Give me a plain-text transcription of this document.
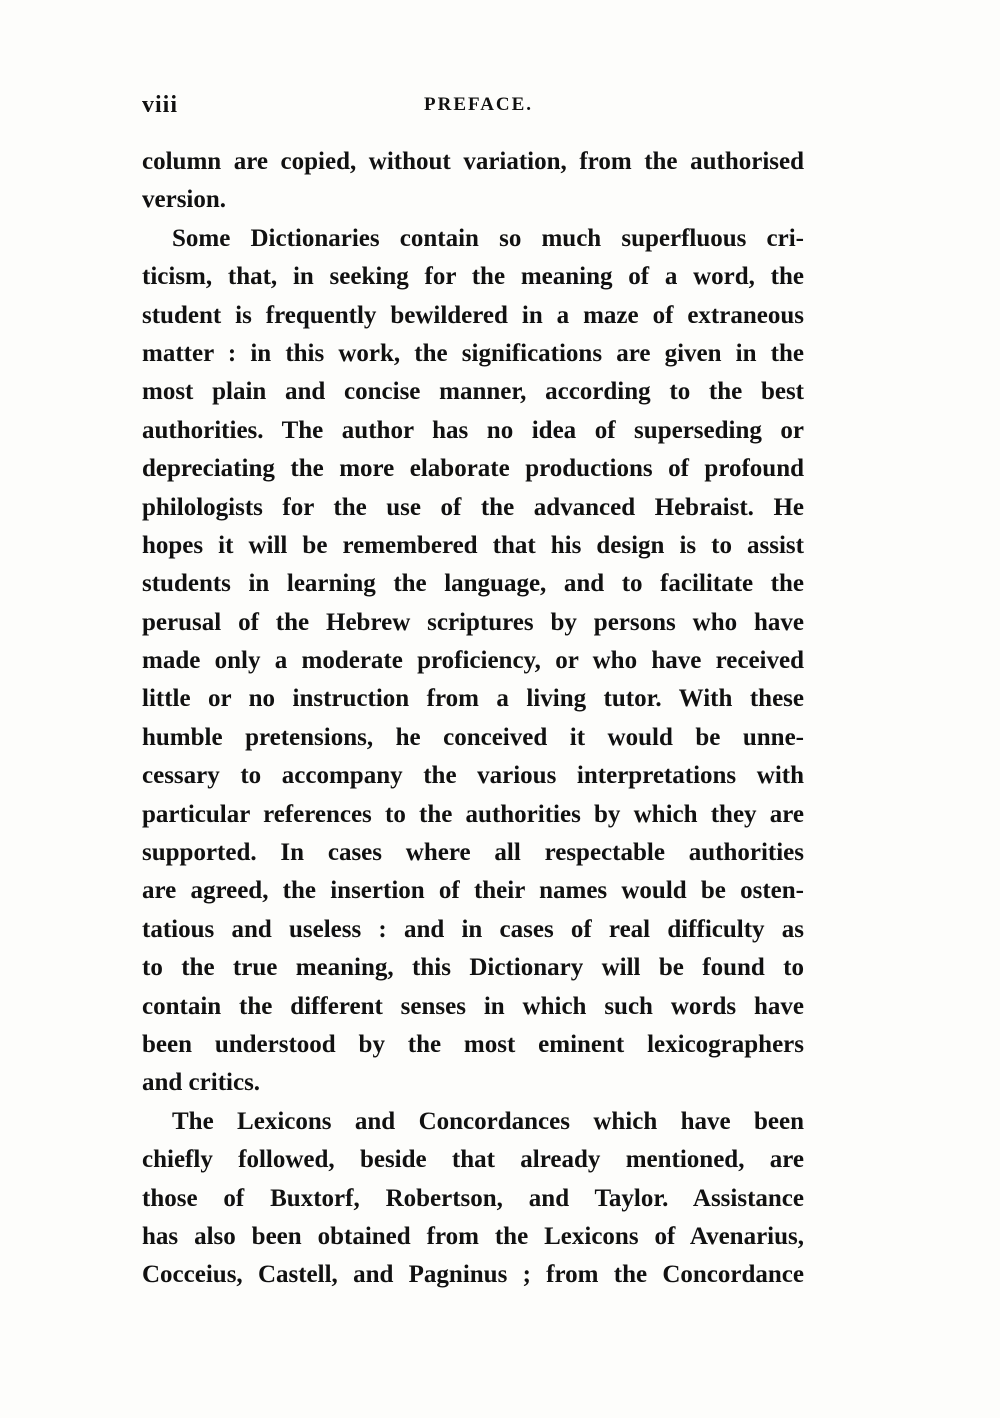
viii	PREFACE.
column are copied, without variation, from the authorised
version.
Some Dictionaries contain so much superfluous cri-
ticism, that, in seeking for the meaning of a word, the
student is frequently bewildered in a maze of extraneous
matter : in this work, the significations are given in the
most plain and concise manner, according to the best
authorities. The author has no idea of superseding or
depreciating the more elaborate productions of profound
philologists for the use of the advanced Hebraist. He
hopes it will be remembered that his design is to assist
students in learning the language, and to facilitate the
perusal of the Hebrew scriptures by persons who have
made only a moderate proficiency, or who have received
little or no instruction from a living tutor. With these
humble pretensions, he conceived it would be unne-
cessary to accompany the various interpretations with
particular references to the authorities by which they are
supported. In cases where all respectable authorities
are agreed, the insertion of their names would be osten-
tatious and useless : and in cases of real difficulty as
to the true meaning, this Dictionary will be found to
contain the different senses in which such words have
been understood by the most eminent lexicographers
and critics.
The Lexicons and Concordances which have been
chiefly followed, beside that already mentioned, are
those of Buxtorf, Robertson, and Taylor. Assistance
has also been obtained from the Lexicons of Avenarius,
Cocceius, Castell, and Pagninus ; from the Concordance
